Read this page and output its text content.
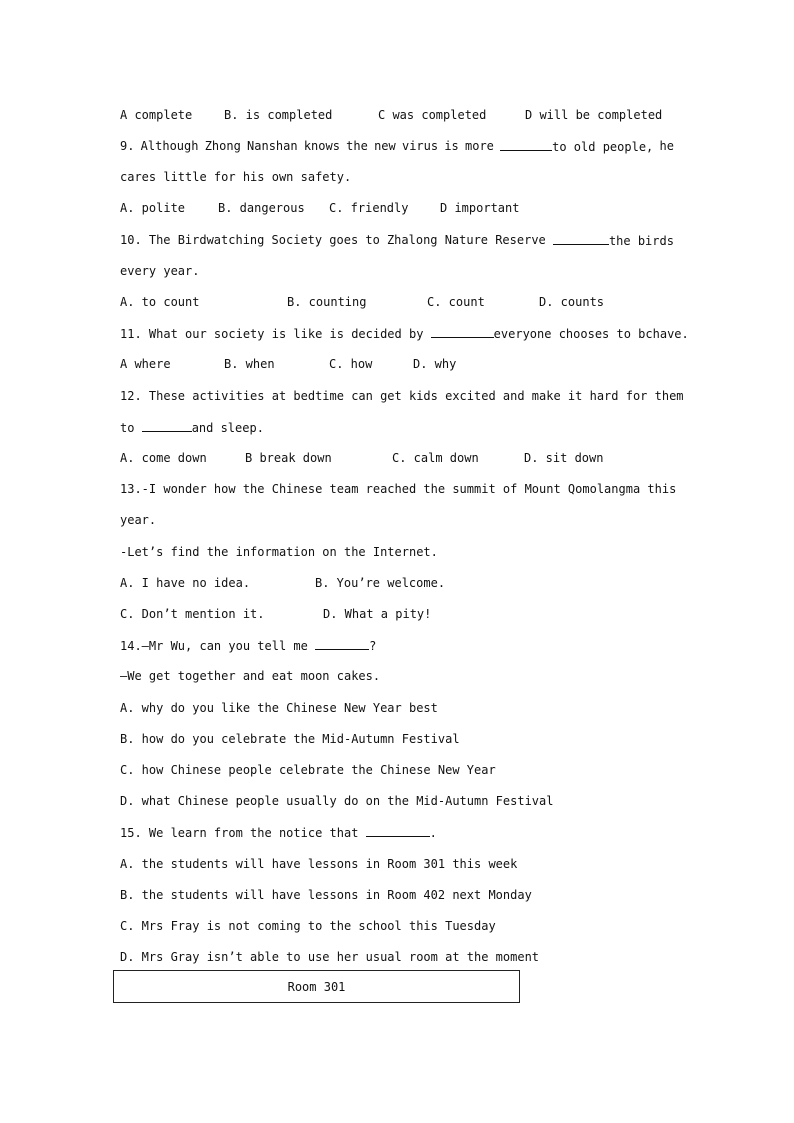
A complete	B. is completed	C was completed	D will be completed
9. Although Zhong Nanshan knows the new virus is more	to old people, he
cares little for his own safety.
A. polite	B. dangerous	C. friendly	D important
10. The Birdwatching Society goes to Zhalong Nature Reserve	the birds
every year.
A. to count	B. counting	C. count	D. counts
11. What our society is like is decided by	everyone chooses to bchave.
A where	B. when	C. how	D. why
12. These activities at bedtime can get kids excited and make it hard for them
to	and sleep.
A. come down	B break down	C. calm down	D. sit down
13.-I wonder how the Chinese team reached the summit of Mount Qomolangma this
year.
-Let’s find the information on the Internet.
A. I have no idea.	B. You’re welcome.
C. Don’t mention it.	D. What a pity!
14.—Mr Wu, can you tell me	?
—We get together and eat moon cakes.
A. why do you like the Chinese New Year best
B. how do you celebrate the Mid-Autumn Festival
C. how Chinese people celebrate the Chinese New Year
D. what Chinese people usually do on the Mid-Autumn Festival
15. We learn from the notice that	.
A. the students will have lessons in Room 301 this week
B. the students will have lessons in Room 402 next Monday
C. Mrs Fray is not coming to the school this Tuesday
D. Mrs Gray isn’t able to use her usual room at the moment
Room 301
